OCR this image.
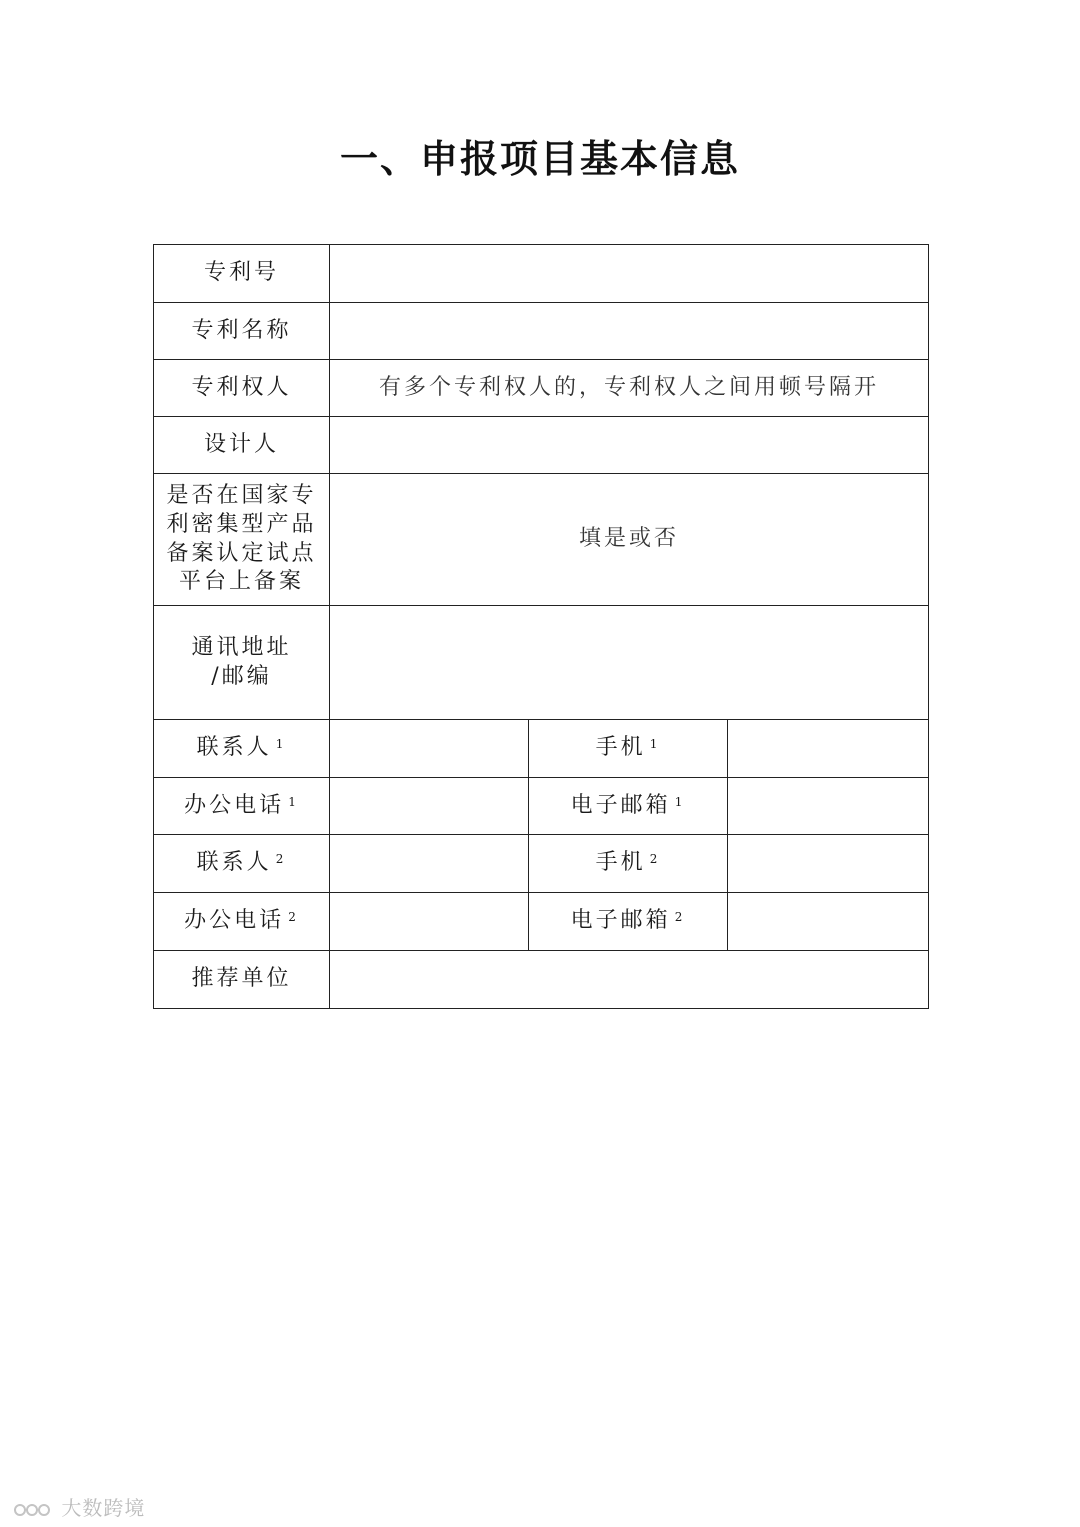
一、申报项目基本信息
专利号			
专利名称			
专利权人	有多个专利权人的，专利权人之间用顿号隔开		
设计人			
是否在国家专利密集型产品备案认定试点平台上备案	填是或否		

通讯地址
/邮编			

联系人 $^1$		手机 $^1$	
办公电话 $^1$		电子邮箱 $^1$	
联系人 $^2$		手机 $^2$	
办公电话 $^2$		电子邮箱 $^2$	
推荐单位			
大数跨境
